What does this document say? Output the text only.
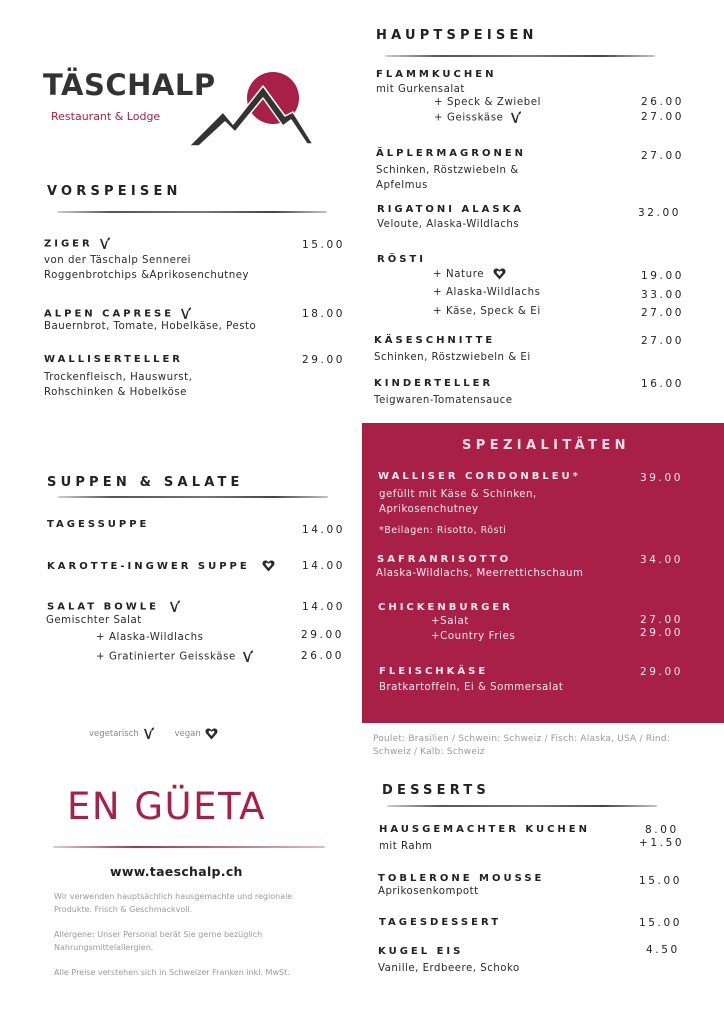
TÄSCHALP
Restaurant & Lodge
VORSPEISEN
ZIGER	15.00
von der Täschalp Sennerei
Roggenbrotchips &Aprikosenchutney
ALPEN CAPRESE	18.00
Bauernbrot, Tomate, Hobelkäse, Pesto
WALLISERTELLER	29.00
Trockenfleisch, Hauswurst,
Rohschinken & Hobelköse
SUPPEN & SALATE
TAGESSUPPE	14.00
KAROTTE-INGWER SUPPE	14.00
SALAT BOWLE	14.00
Gemischter Salat
+ Alaska-Wildlachs	29.00
+ Gratinierter Geisskäse	26.00
vegetarisch	vegan
EN GÜETA
www.taeschalp.ch
Wir verwenden hauptsächlich hausgemachte und regionale Produkte. Frisch & Geschmackvoll.
Allergene: Unser Personal berät Sie gerne bezüglich Nahrungsmittelallergien.
Alle Preise verstehen sich in Schweizer Franken inkl. MwSt.
HAUPTSPEISEN
FLAMMKUCHEN
mit Gurkensalat
+ Speck & Zwiebel	26.00
+ Geisskäse	27.00
ÄLPLERMAGRONEN	27.00
Schinken, Röstzwiebeln &
Apfelmus
RIGATONI ALASKA	32.00
Veloute, Alaska-Wildlachs
RÖSTI
+ Nature	19.00
+ Alaska-Wildlachs	33.00
+ Käse, Speck & Ei	27.00
KÄSESCHNITTE	27.00
Schinken, Röstzwiebeln & Ei
KINDERTELLER	16.00
Teigwaren-Tomatensauce
SPEZIALITÄTEN
WALLISER CORDONBLEU*	39.00
gefüllt mit Käse & Schinken,
Aprikosenchutney
*Beilagen: Risotto, Rösti
SAFRANRISOTTO	34.00
Alaska-Wildlachs, Meerrettichschaum
CHICKENBURGER
+Salat	27.00
+Country Fries	29.00
FLEISCHKÄSE	29.00
Bratkartoffeln, Ei & Sommersalat
Poulet: Brasilien / Schwein: Schweiz / Fisch: Alaska, USA / Rind:
Schweiz / Kalb: Schweiz
DESSERTS
HAUSGEMACHTER KUCHEN	8.00
mit Rahm	+1.50
TOBLERONE MOUSSE	15.00
Aprikosenkompott
TAGESDESSERT	15.00
KUGEL EIS	4.50
Vanille, Erdbeere, Schoko
